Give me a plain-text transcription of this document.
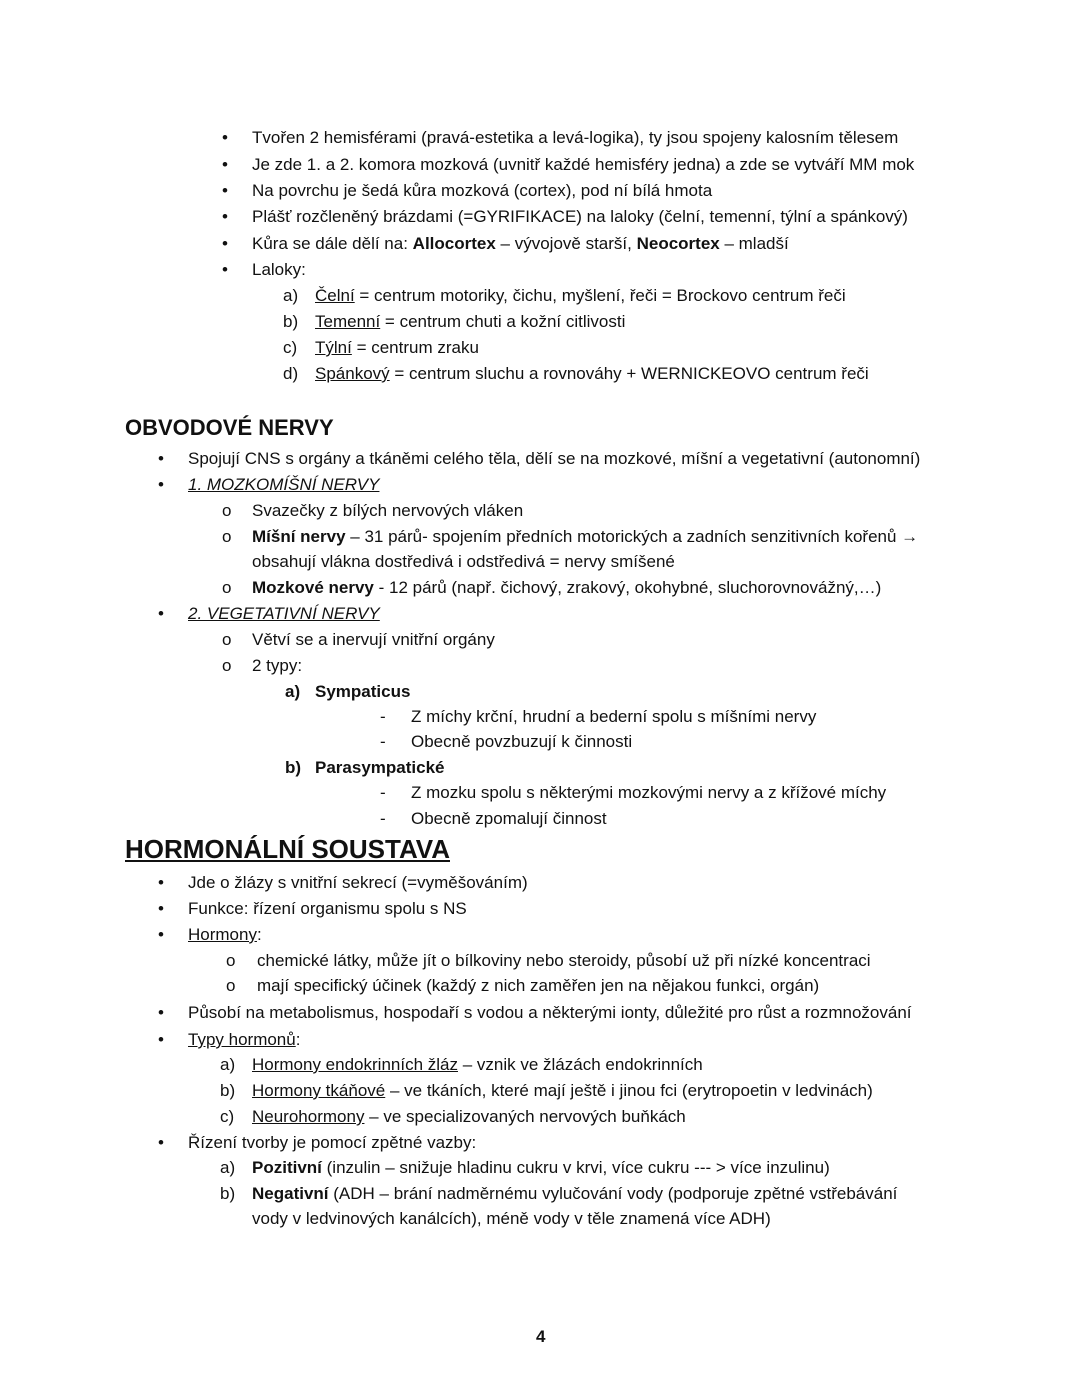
• Tvořen 2 hemisférami (pravá-estetika a levá-logika), ty jsou spojeny kalosním tělesem
• Je zde 1. a 2. komora mozková (uvnitř každé hemisféry jedna) a zde se vytváří MM mok
• Na povrchu je šedá kůra mozková (cortex), pod ní bílá hmota
• Plášť rozčleněný brázdami (=GYRIFIKACE) na laloky (čelní, temenní, týlní a spánkový)
• Kůra se dále dělí na: Allocortex – vývojově starší, Neocortex – mladší
• Laloky:
a) Čelní = centrum motoriky, čichu, myšlení, řeči = Brockovo centrum řeči
b) Temenní = centrum chuti a kožní citlivosti
c) Týlní = centrum zraku
d) Spánkový = centrum sluchu a rovnováhy + WERNICKEOVO centrum řeči
OBVODOVÉ NERVY
• Spojují CNS s orgány a tkáněmi celého těla, dělí se na mozkové, míšní a vegetativní (autonomní)
• 1. MOZKOMÍŠNÍ NERVY
o Svazečky z bílých nervových vláken
o Míšní nervy – 31 párů- spojením předních motorických a zadních senzitivních kořenů →
obsahují vlákna dostředivá i odstředivá = nervy smíšené
o Mozkové nervy - 12 párů (např. čichový, zrakový, okohybné, sluchorovnovážný,…)
• 2. VEGETATIVNÍ NERVY
o Větví se a inervují vnitřní orgány
o 2 typy:
a) Sympaticus
- Z míchy krční, hrudní a bederní spolu s míšními nervy
- Obecně povzbuzují k činnosti
b) Parasympatické
- Z mozku spolu s některými mozkovými nervy a z křížové míchy
- Obecně zpomalují činnost
HORMONÁLNÍ SOUSTAVA
• Jde o žlázy s vnitřní sekrecí (=vyměšováním)
• Funkce: řízení organismu spolu s NS
• Hormony:
o chemické látky, může jít o bílkoviny nebo steroidy, působí už při nízké koncentraci
o mají specifický účinek (každý z nich zaměřen jen na nějakou funkci, orgán)
• Působí na metabolismus, hospodaří s vodou a některými ionty, důležité pro růst a rozmnožování
• Typy hormonů:
a) Hormony endokrinních žláz – vznik ve žlázách endokrinních
b) Hormony tkáňové – ve tkáních, které mají ještě i jinou fci (erytropoetin v ledvinách)
c) Neurohormony – ve specializovaných nervových buňkách
• Řízení tvorby je pomocí zpětné vazby:
a) Pozitivní (inzulin – snižuje hladinu cukru v krvi, více cukru --- > více inzulinu)
b) Negativní (ADH – brání nadměrnému vylučování vody (podporuje zpětné vstřebávání
vody v ledvinových kanálcích), méně vody v těle znamená více ADH)
4
